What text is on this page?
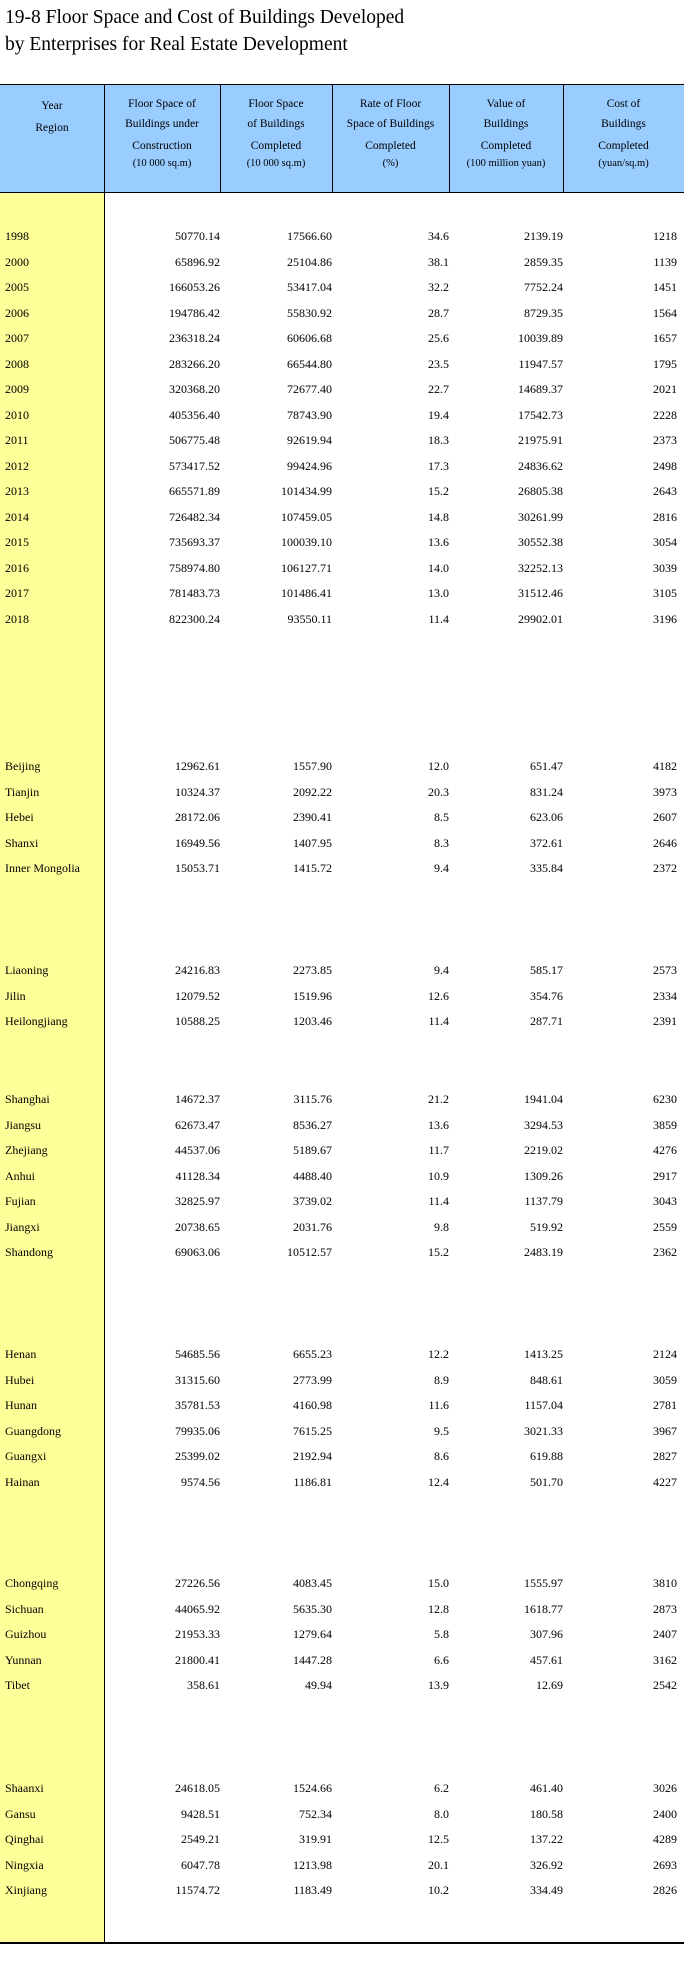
19-8 Floor Space and Cost of Buildings Developed
by Enterprises for Real Estate Development
Year
Region
Floor Space of
Buildings under
Construction
(10 000 sq.m)
Floor Space
of Buildings
Completed
(10 000 sq.m)
Rate of Floor
Space of Buildings
Completed
(%)
Value of
Buildings
Completed
(100 million yuan)
Cost of
Buildings
Completed
(yuan/sq.m)
1998	50770.14	17566.60	34.6	2139.19	1218
2000	65896.92	25104.86	38.1	2859.35	1139
2005	166053.26	53417.04	32.2	7752.24	1451
2006	194786.42	55830.92	28.7	8729.35	1564
2007	236318.24	60606.68	25.6	10039.89	1657
2008	283266.20	66544.80	23.5	11947.57	1795
2009	320368.20	72677.40	22.7	14689.37	2021
2010	405356.40	78743.90	19.4	17542.73	2228
2011	506775.48	92619.94	18.3	21975.91	2373
2012	573417.52	99424.96	17.3	24836.62	2498
2013	665571.89	101434.99	15.2	26805.38	2643
2014	726482.34	107459.05	14.8	30261.99	2816
2015	735693.37	100039.10	13.6	30552.38	3054
2016	758974.80	106127.71	14.0	32252.13	3039
2017	781483.73	101486.41	13.0	31512.46	3105
2018	822300.24	93550.11	11.4	29902.01	3196
Beijing	12962.61	1557.90	12.0	651.47	4182
Tianjin	10324.37	2092.22	20.3	831.24	3973
Hebei	28172.06	2390.41	8.5	623.06	2607
Shanxi	16949.56	1407.95	8.3	372.61	2646
Inner Mongolia	15053.71	1415.72	9.4	335.84	2372
Liaoning	24216.83	2273.85	9.4	585.17	2573
Jilin	12079.52	1519.96	12.6	354.76	2334
Heilongjiang	10588.25	1203.46	11.4	287.71	2391
Shanghai	14672.37	3115.76	21.2	1941.04	6230
Jiangsu	62673.47	8536.27	13.6	3294.53	3859
Zhejiang	44537.06	5189.67	11.7	2219.02	4276
Anhui	41128.34	4488.40	10.9	1309.26	2917
Fujian	32825.97	3739.02	11.4	1137.79	3043
Jiangxi	20738.65	2031.76	9.8	519.92	2559
Shandong	69063.06	10512.57	15.2	2483.19	2362
Henan	54685.56	6655.23	12.2	1413.25	2124
Hubei	31315.60	2773.99	8.9	848.61	3059
Hunan	35781.53	4160.98	11.6	1157.04	2781
Guangdong	79935.06	7615.25	9.5	3021.33	3967
Guangxi	25399.02	2192.94	8.6	619.88	2827
Hainan	9574.56	1186.81	12.4	501.70	4227
Chongqing	27226.56	4083.45	15.0	1555.97	3810
Sichuan	44065.92	5635.30	12.8	1618.77	2873
Guizhou	21953.33	1279.64	5.8	307.96	2407
Yunnan	21800.41	1447.28	6.6	457.61	3162
Tibet	358.61	49.94	13.9	12.69	2542
Shaanxi	24618.05	1524.66	6.2	461.40	3026
Gansu	9428.51	752.34	8.0	180.58	2400
Qinghai	2549.21	319.91	12.5	137.22	4289
Ningxia	6047.78	1213.98	20.1	326.92	2693
Xinjiang	11574.72	1183.49	10.2	334.49	2826
